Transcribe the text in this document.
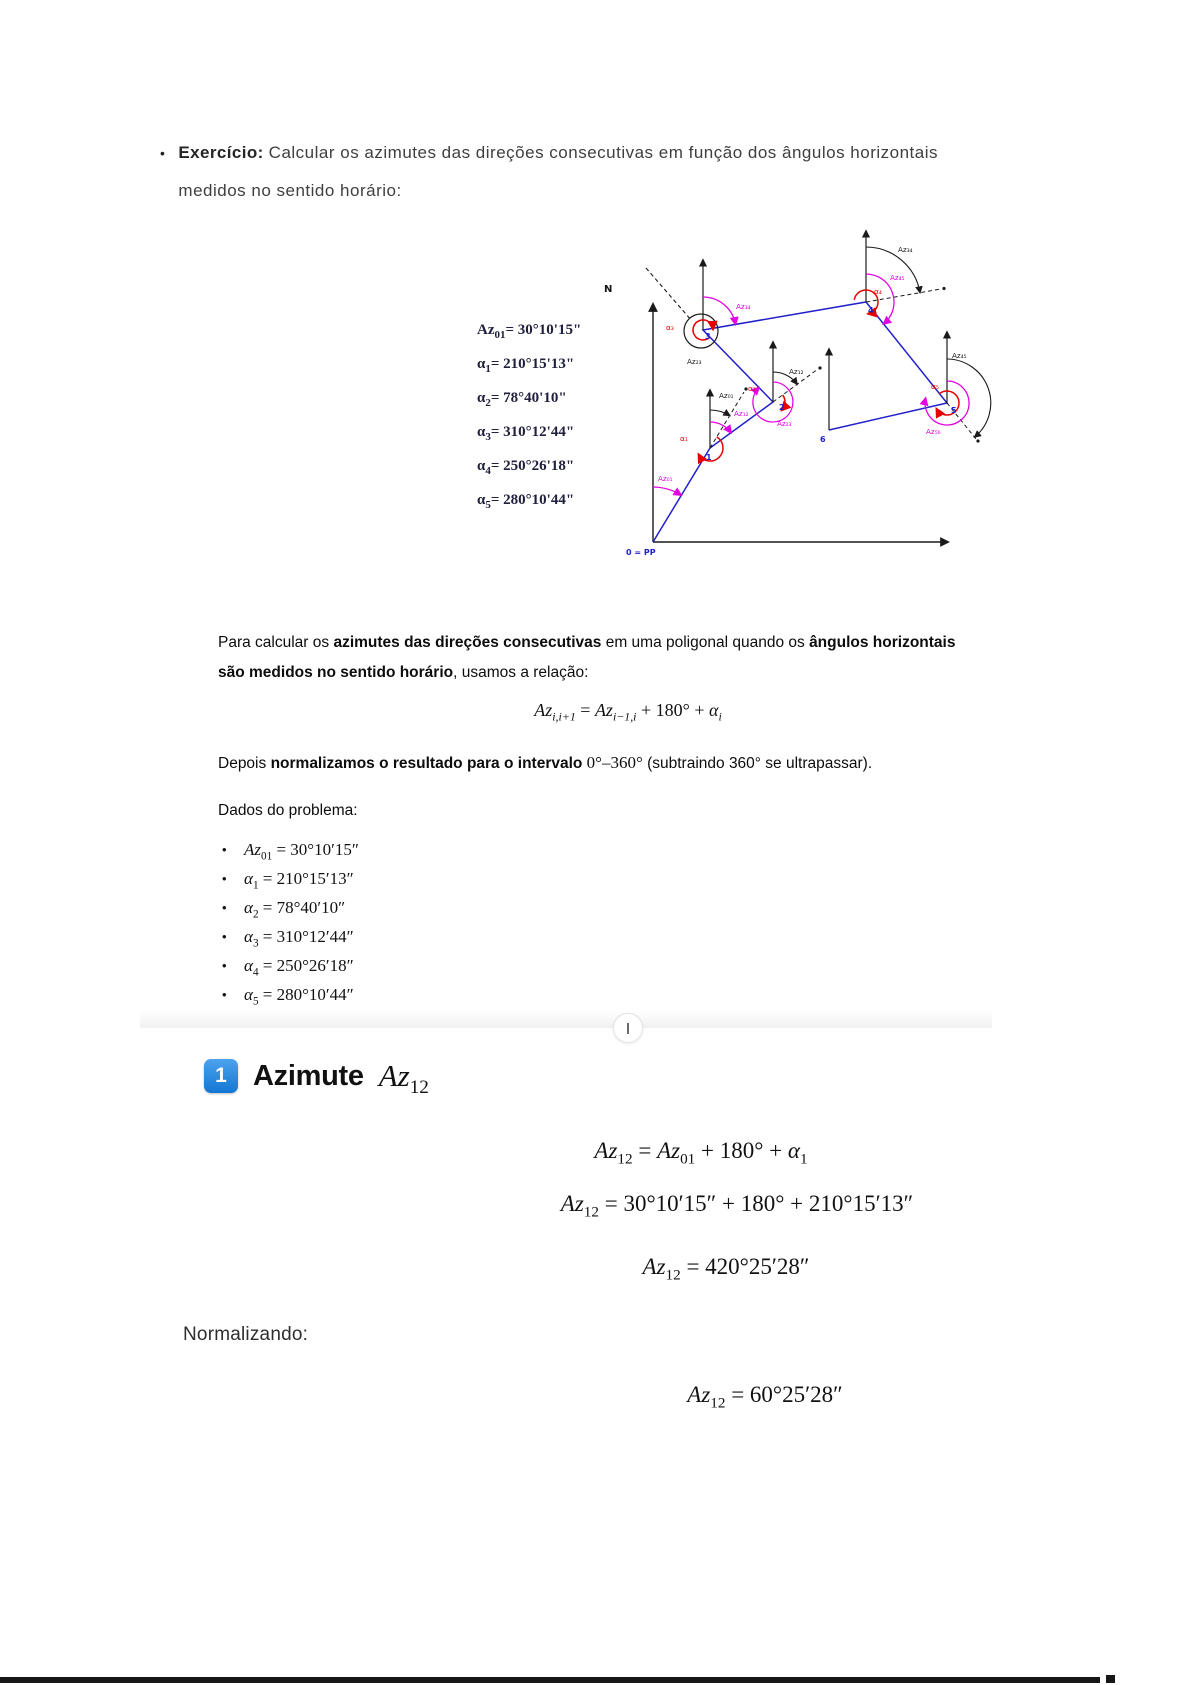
• Exercício: Calcular os azimutes das direções consecutivas em função dos ângulos horizontais medidos no sentido horário:
$Az_{01}= 30^\circ 10'15$"
$\alpha_1= 210^\circ 15'13$"
$\alpha_2= 78^\circ 40'10$"
$\alpha_3= 310^\circ 12'44$"
$\alpha_4= 250^\circ 26'18$"
$\alpha_5= 280^\circ 10'44$"
N
Az₀₁
Az₁₂
Az₂₃
Az₃₄
Az₄₅
Az₅₆
Az₀₁
Az₁₂
Az₂₃
Az₃₄
Az₄₅
α₁
α₂
α₃
α₄
α₅
1
2
3
4
5
6
0 = PP
Para calcular os azimutes das direções consecutivas em uma poligonal quando os ângulos horizontais são medidos no sentido horário, usamos a relação:
$Az_{i,i+1} = Az_{i-1,i} + 180^\circ + \alpha_i$
Depois normalizamos o resultado para o intervalo 0°–360° (subtraindo 360° se ultrapassar).
Dados do problema:
• $Az_{01} = 30^\circ 10'15''$
• $\alpha_1 = 210^\circ 15'13''$
• $\alpha_2 = 78^\circ 40'10''$
• $\alpha_3 = 310^\circ 12'44''$
• $\alpha_4 = 250^\circ 26'18''$
• $\alpha_5 = 280^\circ 10'44''$
1 Azimute $Az_{12}$
$Az_{12} = Az_{01} + 180^\circ + \alpha_1$
$Az_{12} = 30^\circ 10'15'' + 180^\circ + 210^\circ 15'13''$
$Az_{12} = 420^\circ 25'28''$
Normalizando:
$Az_{12} = 60^\circ 25'28''$
